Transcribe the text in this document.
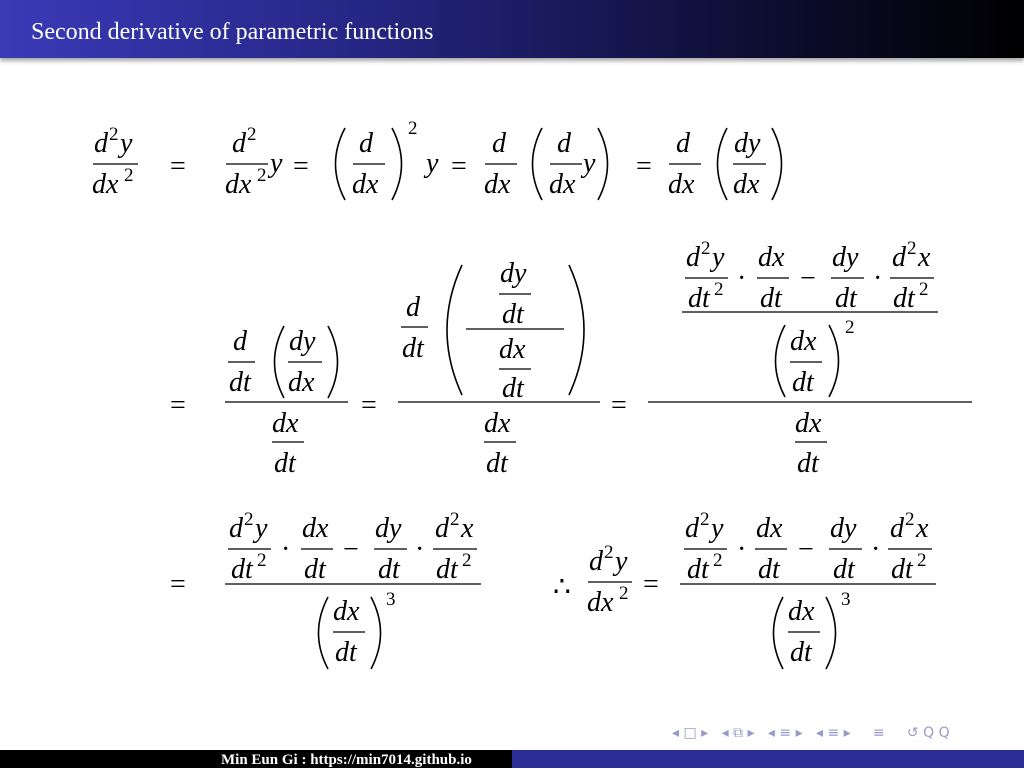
Second derivative of parametric functions
d 2 y
dx 2 =
d 2
dx 2 y =
d
dx
2
y =
d
dx
d
dx
y =
d
dx
dy
dx
=
d
dt
dy
dx
dx
dt
=
d
dt
dy
dt
dx
dt
dx
dt
=
d 2 y
dt 2 ·
dx
dt
−
dy
dt
·
d 2 x
dt 2
dx
dt
2
dx
dt
=
d 2 y
dt 2 ·
dx
dt
−
dy
dt
·
d 2 x
dt 2
dx
dt
3	∴
d 2 y
dx 2 =
d 2 y
dt 2 ·
dx
dt
−
dy
dt
·
d 2 x
dt 2
dx
dt
3
◂ □ ▸ ◂ ⧉ ▸ ◂ ≡ ▸ ◂ ≡ ▸ ≡ ↺ Q Q
Min Eun Gi : https://min7014.github.io
